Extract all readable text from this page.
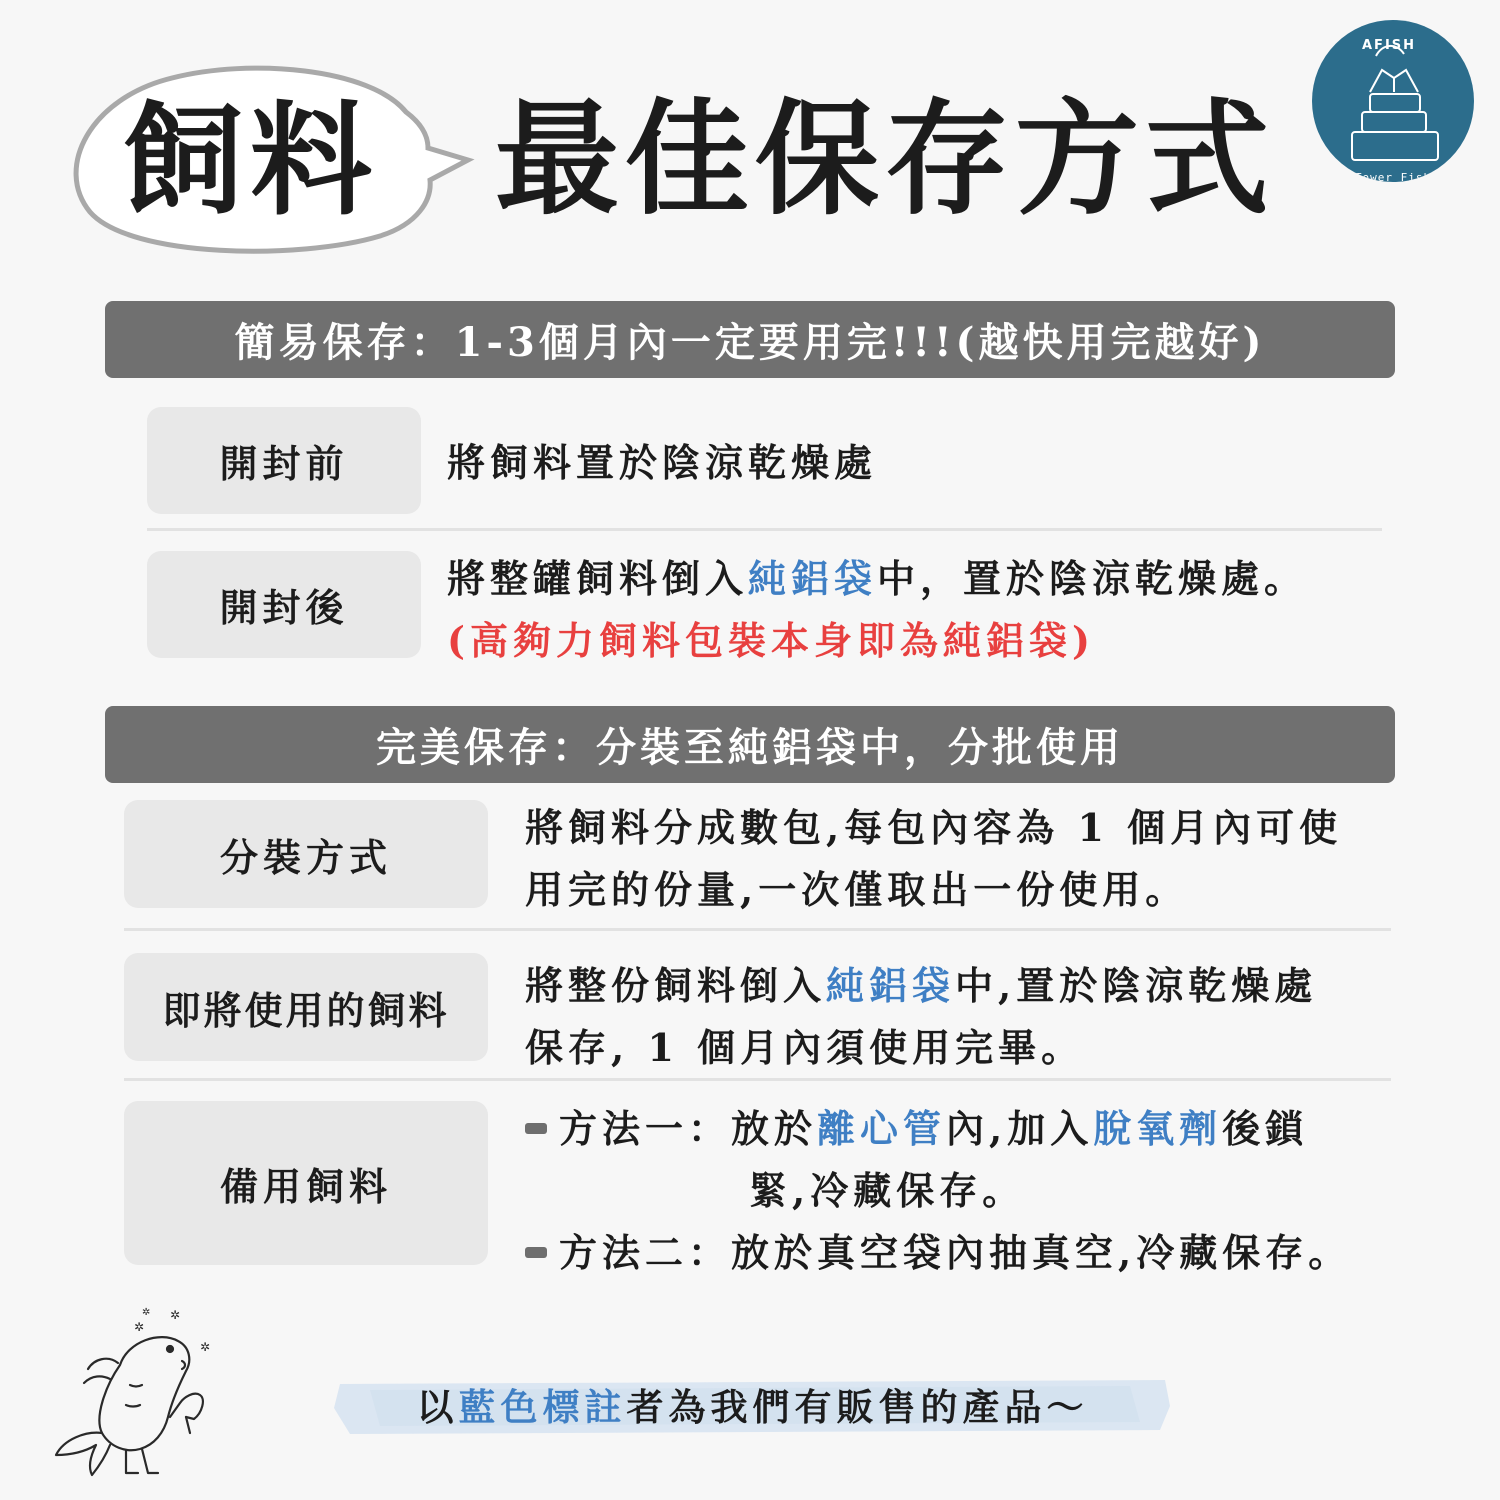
飼料 最佳保存方式
AFISH
Tower Fish
簡易保存：1-3個月內一定要用完!!!(越快用完越好)
開封前	將飼料置於陰涼乾燥處
開封後
將整罐飼料倒入純鋁袋中，置於陰涼乾燥處。
(高夠力飼料包裝本身即為純鋁袋)
完美保存：分裝至純鋁袋中，分批使用
分裝方式
將飼料分成數包,每包內容為 1 個月內可使
用完的份量,一次僅取出一份使用。
即將使用的飼料
將整份飼料倒入純鋁袋中,置於陰涼乾燥處
保存, 1 個月內須使用完畢。
備用飼料
方法一：放於離心管內,加入脫氧劑後鎖
緊,冷藏保存。
方法二：放於真空袋內抽真空,冷藏保存。
✲
✲
✲
✲
以藍色標註者為我們有販售的產品～
